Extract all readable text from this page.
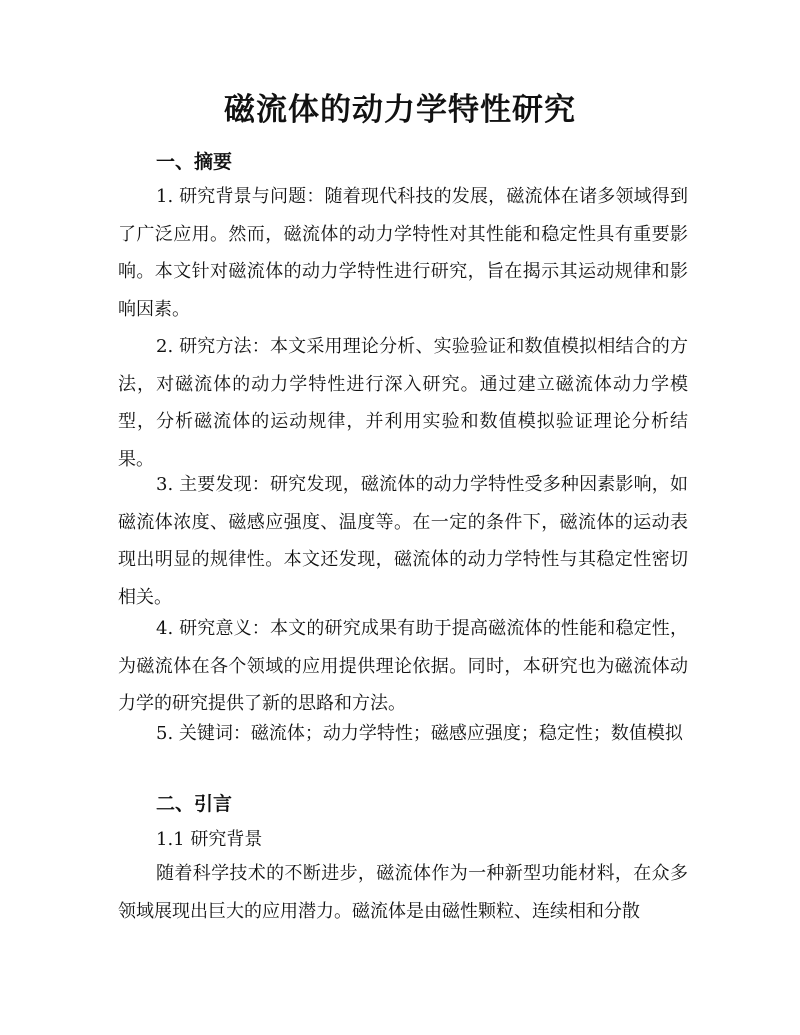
磁流体的动力学特性研究
一、摘要

1. 研究背景与问题：随着现代科技的发展，磁流体在诸多领域得到了广泛应用。然而，磁流体的动力学特性对其性能和稳定性具有重要影响。本文针对磁流体的动力学特性进行研究，旨在揭示其运动规律和影响因素。

2. 研究方法：本文采用理论分析、实验验证和数值模拟相结合的方法，对磁流体的动力学特性进行深入研究。通过建立磁流体动力学模型，分析磁流体的运动规律，并利用实验和数值模拟验证理论分析结果。

3. 主要发现：研究发现，磁流体的动力学特性受多种因素影响，如磁流体浓度、磁感应强度、温度等。在一定的条件下，磁流体的运动表现出明显的规律性。本文还发现，磁流体的动力学特性与其稳定性密切相关。

4. 研究意义：本文的研究成果有助于提高磁流体的性能和稳定性，为磁流体在各个领域的应用提供理论依据。同时，本研究也为磁流体动力学的研究提供了新的思路和方法。

5. 关键词：磁流体；动力学特性；磁感应强度；稳定性；数值模拟

二、引言
1.1 研究背景

随着科学技术的不断进步，磁流体作为一种新型功能材料，在众多领域展现出巨大的应用潜力。磁流体是由磁性颗粒、连续相和分散
